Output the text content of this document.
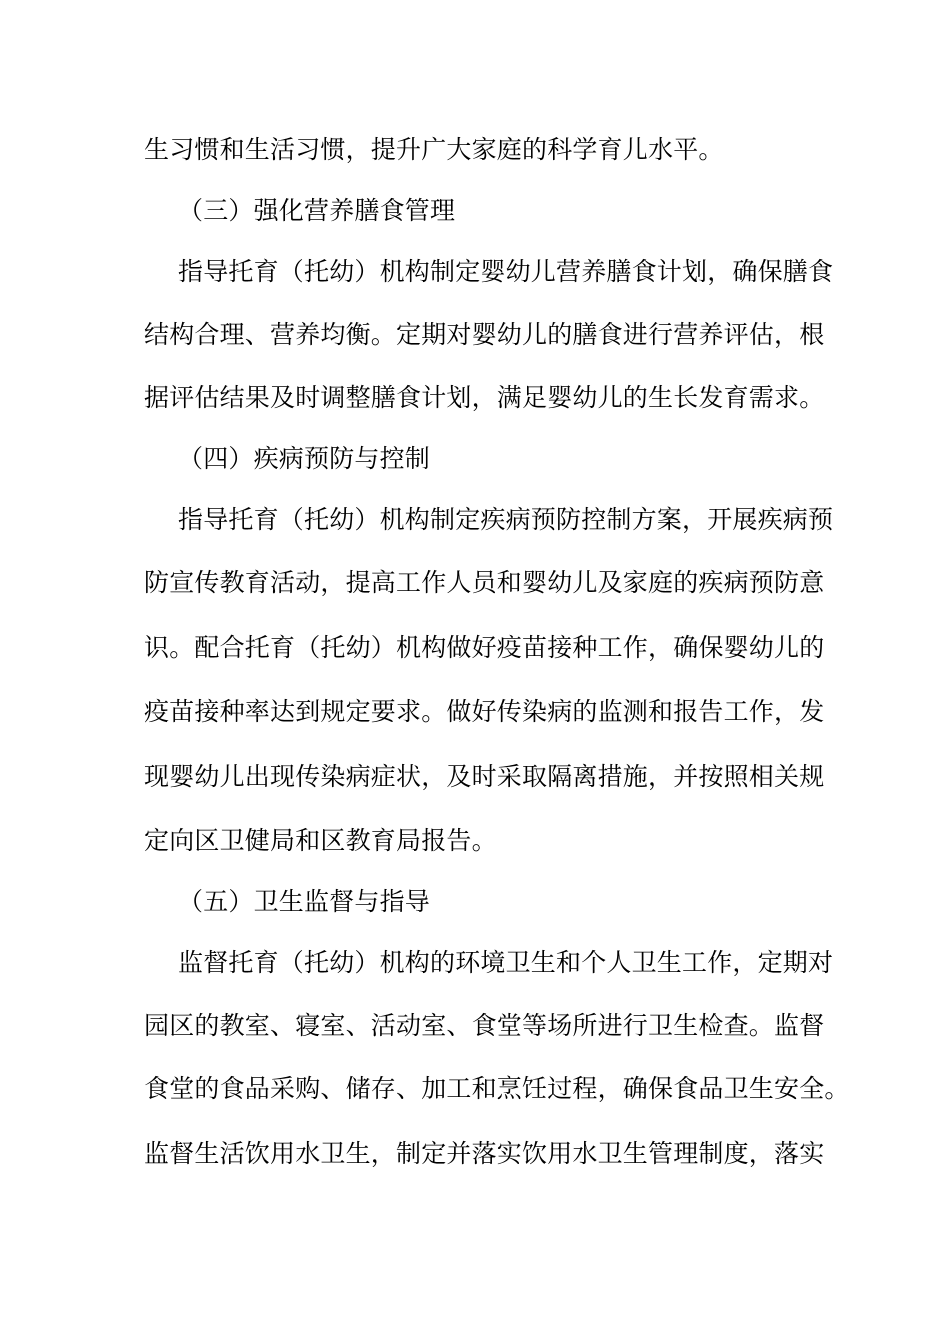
生习惯和生活习惯，提升广大家庭的科学育儿水平。
（三）强化营养膳食管理
指导托育（托幼）机构制定婴幼儿营养膳食计划，确保膳食
结构合理、营养均衡。定期对婴幼儿的膳食进行营养评估，根
据评估结果及时调整膳食计划，满足婴幼儿的生长发育需求。
（四）疾病预防与控制
指导托育（托幼）机构制定疾病预防控制方案，开展疾病预
防宣传教育活动，提高工作人员和婴幼儿及家庭的疾病预防意
识。配合托育（托幼）机构做好疫苗接种工作，确保婴幼儿的
疫苗接种率达到规定要求。做好传染病的监测和报告工作，发
现婴幼儿出现传染病症状，及时采取隔离措施，并按照相关规
定向区卫健局和区教育局报告。
（五）卫生监督与指导
监督托育（托幼）机构的环境卫生和个人卫生工作，定期对
园区的教室、寝室、活动室、食堂等场所进行卫生检查。监督
食堂的食品采购、储存、加工和烹饪过程，确保食品卫生安全。
监督生活饮用水卫生，制定并落实饮用水卫生管理制度，落实
